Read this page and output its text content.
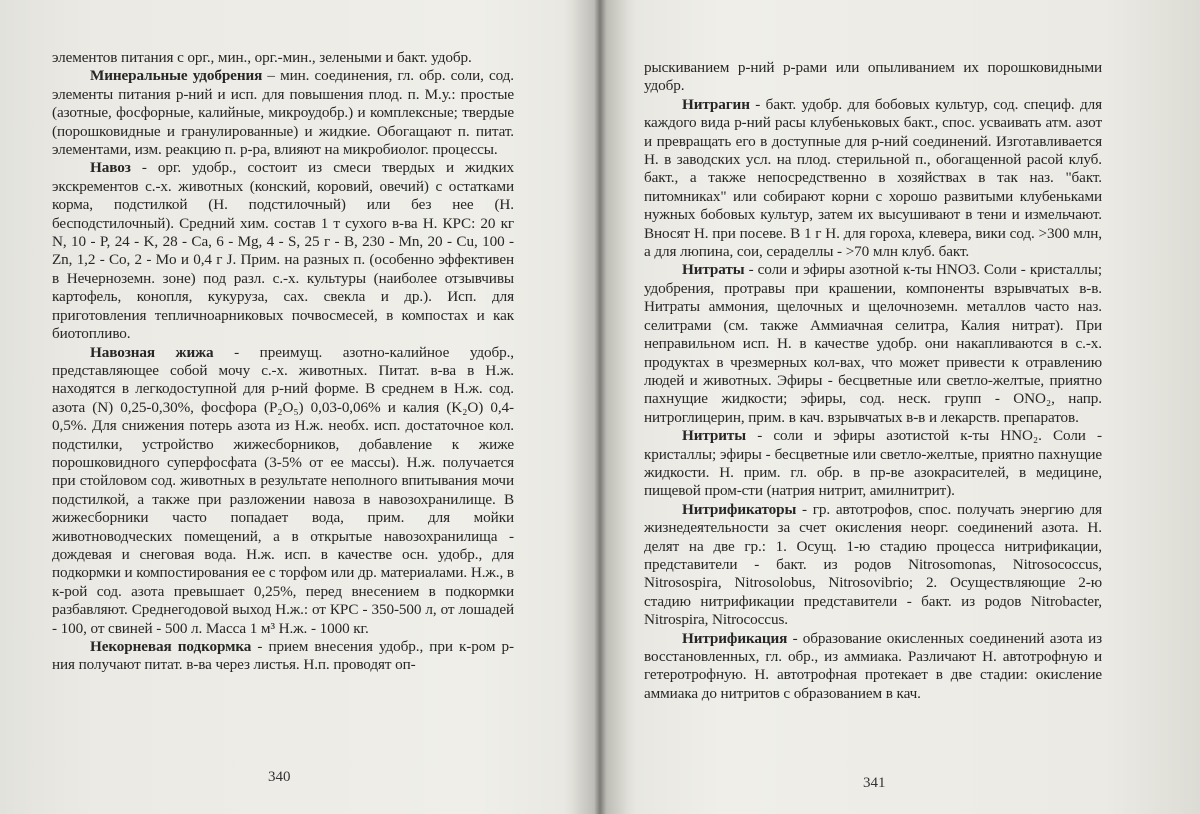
элементов питания с орг., мин., орг.-мин., зелеными и бакт. удобр.

Минеральные удобрения – мин. соединения, гл. обр. соли, сод. элементы питания р-ний и исп. для повышения плод. п. М.у.: простые (азотные, фосфорные, калийные, микроудобр.) и комплексные; твердые (порошковидные и гранулированные) и жидкие. Обогащают п. питат. элементами, изм. реакцию п. р-ра, влияют на микробиолог. процессы.

Навоз - орг. удобр., состоит из смеси твердых и жидких экскрементов с.-х. животных (конский, коровий, овечий) с остатками корма, подстилкой (Н. подстилочный) или без нее (Н. бесподстилочный). Средний хим. состав 1 т сухого в-ва Н. КРС: 20 кг N, 10 - P, 24 - K, 28 - Ca, 6 - Mg, 4 - S, 25 г - B, 230 - Mn, 20 - Cu, 100 - Zn, 1,2 - Co, 2 - Mo и 0,4 г J. Прим. на разных п. (особенно эффективен в Нечерноземн. зоне) под разл. с.-х. культуры (наиболее отзывчивы картофель, конопля, кукуруза, сах. свекла и др.). Исп. для приготовления тепличноарниковых почвосмесей, в компостах и как биотопливо.

Навозная жижа - преимущ. азотно-калийное удобр., представляющее собой мочу с.-х. животных. Питат. в-ва в Н.ж. находятся в легкодоступной для р-ний форме. В среднем в Н.ж. сод. азота (N) 0,25-0,30%, фосфора (P₂O₅) 0,03-0,06% и калия (K₂O) 0,4-0,5%. Для снижения потерь азота из Н.ж. необх. исп. достаточное кол. подстилки, устройство жижесборников, добавление к жиже порошковидного суперфосфата (3-5% от ее массы). Н.ж. получается при стойловом сод. животных в результате неполного впитывания мочи подстилкой, а также при разложении навоза в навозохранилище. В жижесборники часто попадает вода, прим. для мойки животноводческих помещений, а в открытые навозохранилища - дождевая и снеговая вода. Н.ж. исп. в качестве осн. удобр., для подкормки и компостирования ее с торфом или др. материалами. Н.ж., в к-рой сод. азота превышает 0,25%, перед внесением в подкормки разбавляют. Среднегодовой выход Н.ж.: от КРС - 350-500 л, от лошадей - 100, от свиней - 500 л. Масса 1 м³ Н.ж. - 1000 кг.

Некорневая подкормка - прием внесения удобр., при к-ром р-ния получают питат. в-ва через листья. Н.п. проводят оп-

340

рыскиванием р-ний р-рами или опыливанием их порошковидными удобр.

Нитрагин - бакт. удобр. для бобовых культур, сод. специф. для каждого вида р-ний расы клубеньковых бакт., спос. усваивать атм. азот и превращать его в доступные для р-ний соединений. Изготавливается Н. в заводских усл. на плод. стерильной п., обогащенной расой клуб. бакт., а также непосредственно в хозяйствах в так наз. "бакт. питомниках" или собирают корни с хорошо развитыми клубеньками нужных бобовых культур, затем их высушивают в тени и измельчают. Вносят Н. при посеве. В 1 г Н. для гороха, клевера, вики сод. >300 млн, а для люпина, сои, сераделлы - >70 млн клуб. бакт.

Нитраты - соли и эфиры азотной к-ты HNO3. Соли - кристаллы; удобрения, протравы при крашении, компоненты взрывчатых в-в. Нитраты аммония, щелочных и щелочноземн. металлов часто наз. селитрами (см. также Аммиачная селитра, Калия нитрат). При неправильном исп. Н. в качестве удобр. они накапливаются в с.-х. продуктах в чрезмерных кол-вах, что может привести к отравлению людей и животных. Эфиры - бесцветные или светло-желтые, приятно пахнущие жидкости; эфиры, сод. неск. групп - ONO₂, напр. нитроглицерин, прим. в кач. взрывчатых в-в и лекарств. препаратов.

Нитриты - соли и эфиры азотистой к-ты HNO₂. Соли - кристаллы; эфиры - бесцветные или светло-желтые, приятно пахнущие жидкости. Н. прим. гл. обр. в пр-ве азокрасителей, в медицине, пищевой пром-сти (натрия нитрит, амилнитрит).

Нитрификаторы - гр. автотрофов, спос. получать энергию для жизнедеятельности за счет окисления неорг. соединений азота. Н. делят на две гр.: 1. Осущ. 1-ю стадию процесса нитрификации, представители - бакт. из родов Nitrosomonas, Nitrosococcus, Nitrosospira, Nitrosolobus, Nitrosovibrio; 2. Осуществляющие 2-ю стадию нитрификации представители - бакт. из родов Nitrobacter, Nitrospira, Nitrococcus.

Нитрификация - образование окисленных соединений азота из восстановленных, гл. обр., из аммиака. Различают Н. автотрофную и гетеротрофную. Н. автотрофная протекает в две стадии: окисление аммиака до нитритов с образованием в кач.

341
